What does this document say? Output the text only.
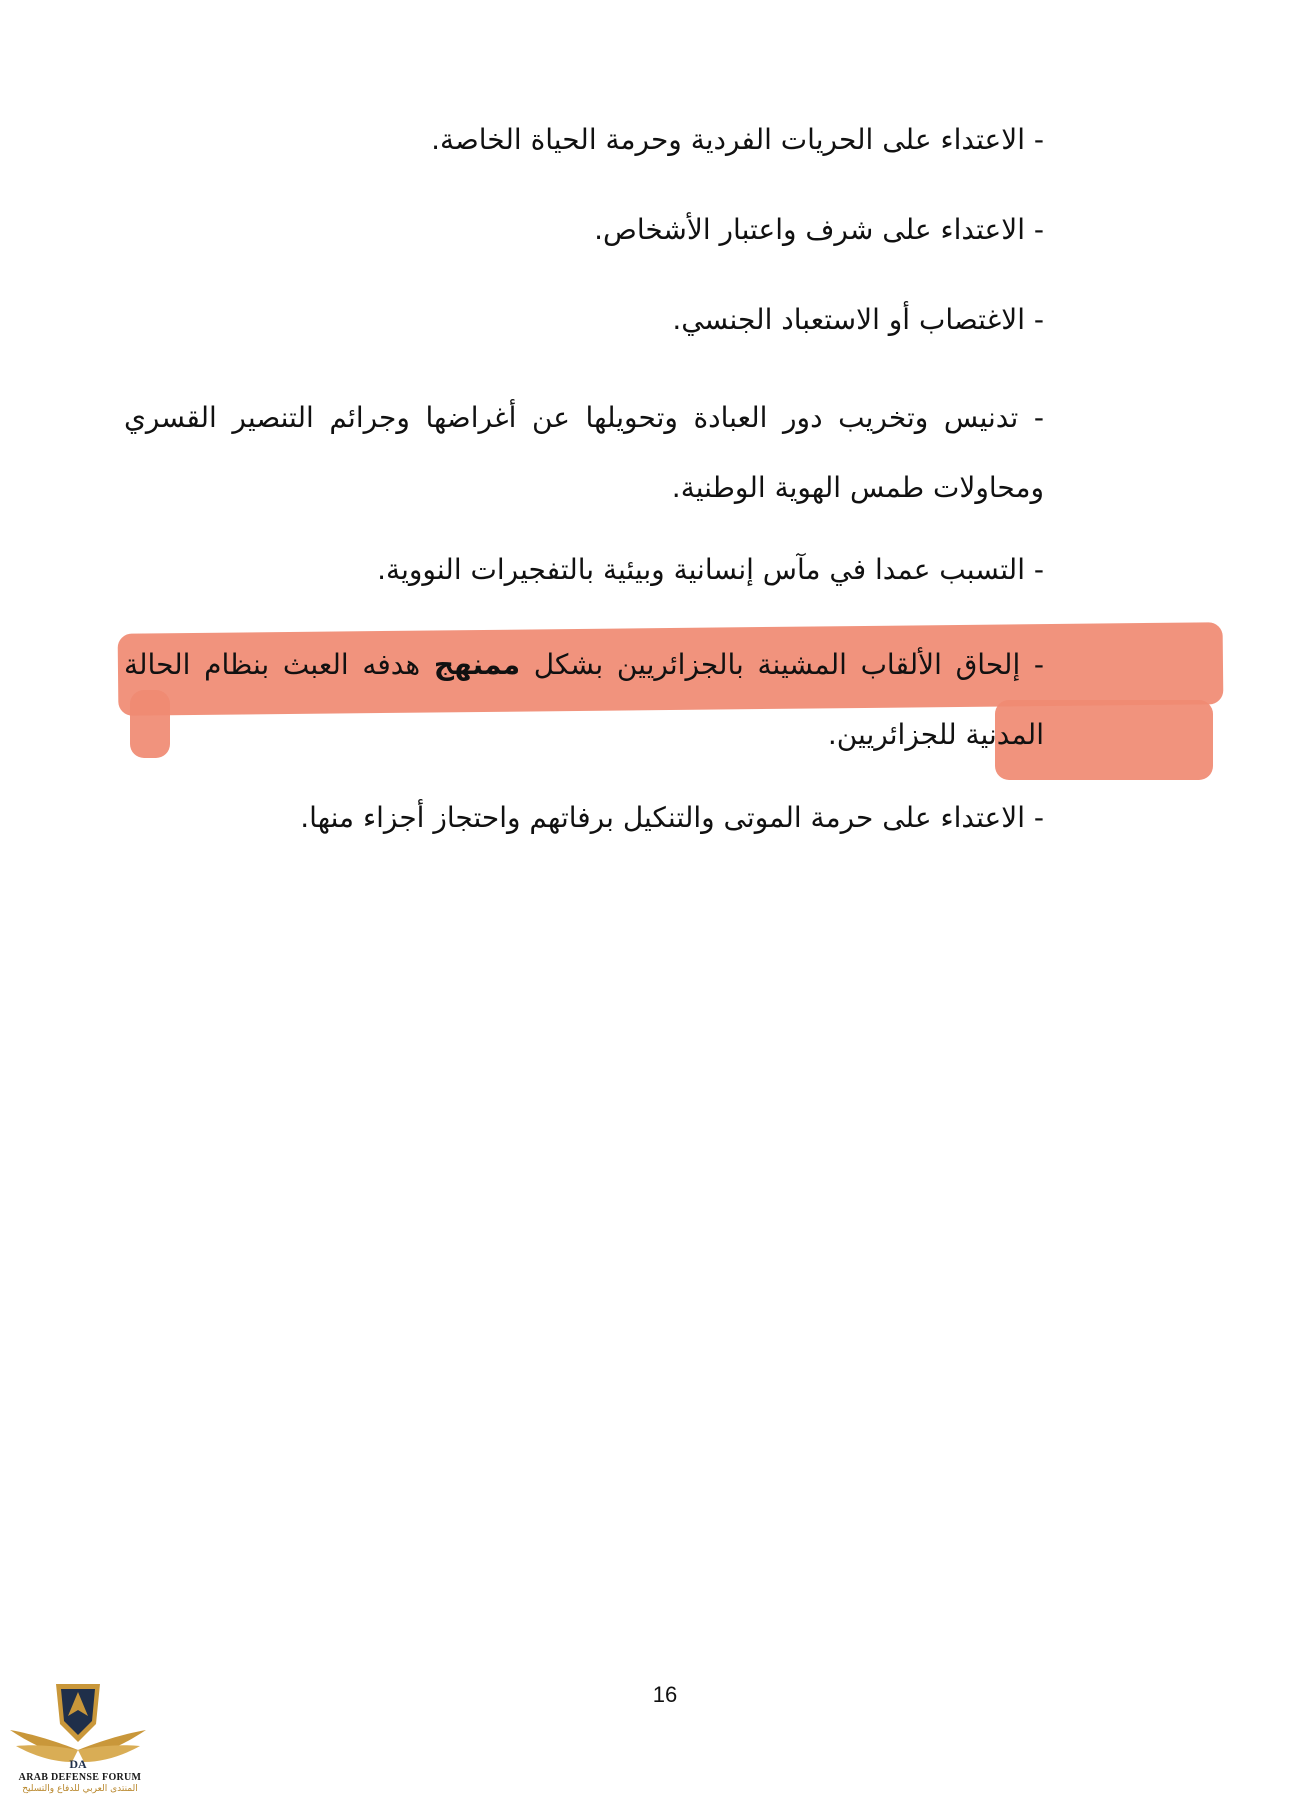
- الاعتداء على الحريات الفردية وحرمة الحياة الخاصة.
- الاعتداء على شرف واعتبار الأشخاص.
- الاغتصاب أو الاستعباد الجنسي.
- تدنيس وتخريب دور العبادة وتحويلها عن أغراضها وجرائم التنصير القسري ومحاولات طمس الهوية الوطنية.
- التسبب عمدا في مآس إنسانية وبيئية بالتفجيرات النووية.
- إلحاق الألقاب المشينة بالجزائريين بشكل ممنهج هدفه العبث بنظام الحالة المدنية للجزائريين.
- الاعتداء على حرمة الموتى والتنكيل برفاتهم واحتجاز أجزاء منها.
16
DA
ARAB DEFENSE FORUM
المنتدى العربي للدفاع والتسليح
